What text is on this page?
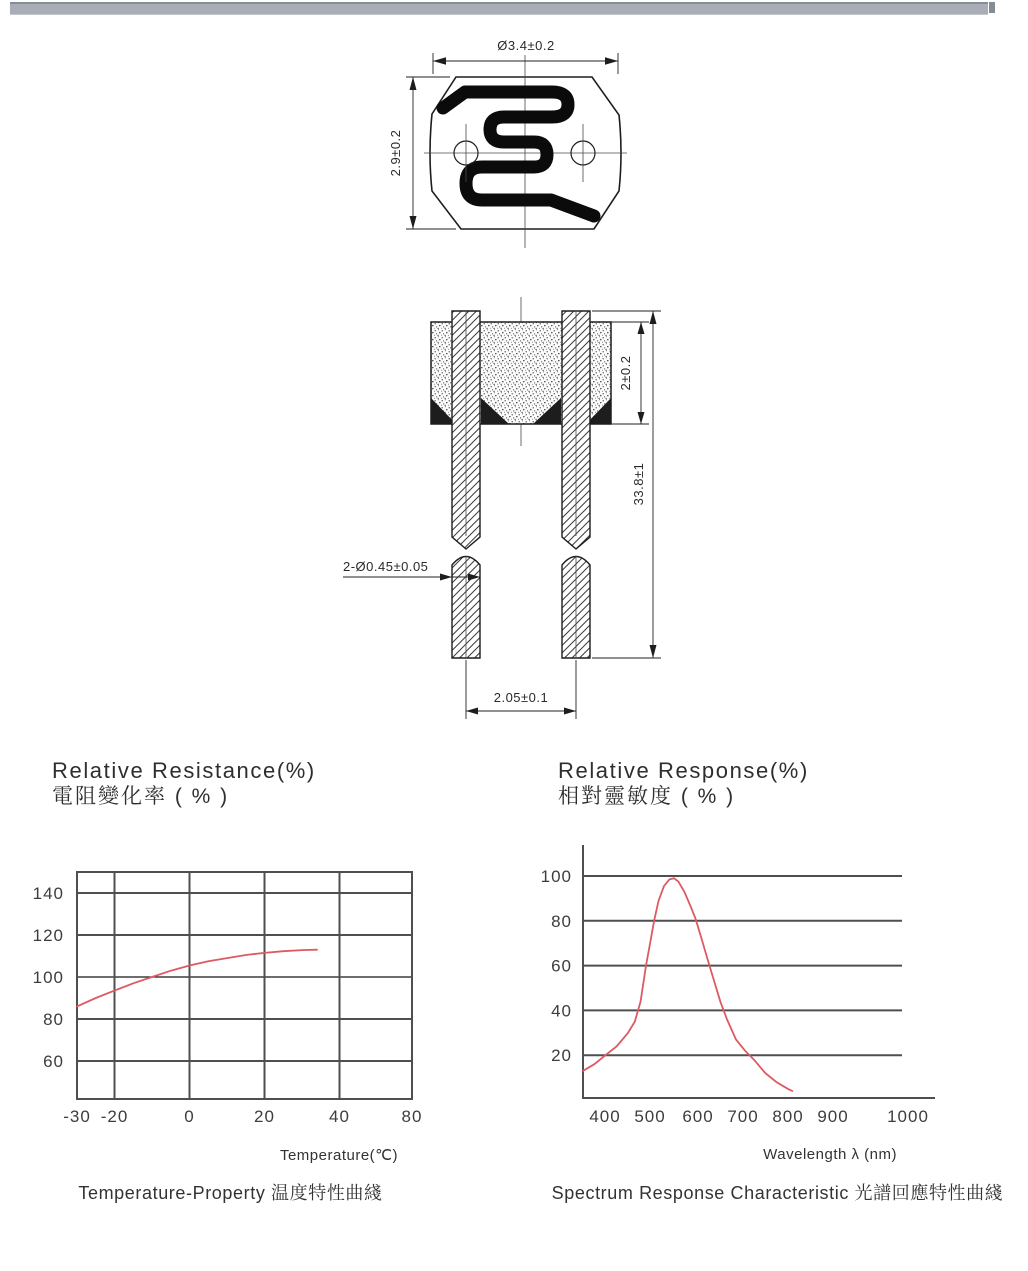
Ø3.4±0.2
2.9±0.2
2±0.2
33.8±1
2-Ø0.45±0.05
2.05±0.1
140
120
100
80
60
-30 -20	0	20	40	80
100
80
60
40
20
400 500 600 700 800 900 1000
Relative Resistance(%)
電阻變化率 ( % )
Relative Response(%)
相對靈敏度 ( % )
Temperature(℃)	Wavelength λ (nm)
Temperature-Property 温度特性曲綫	Spectrum Response Characteristic 光譜回應特性曲綫
